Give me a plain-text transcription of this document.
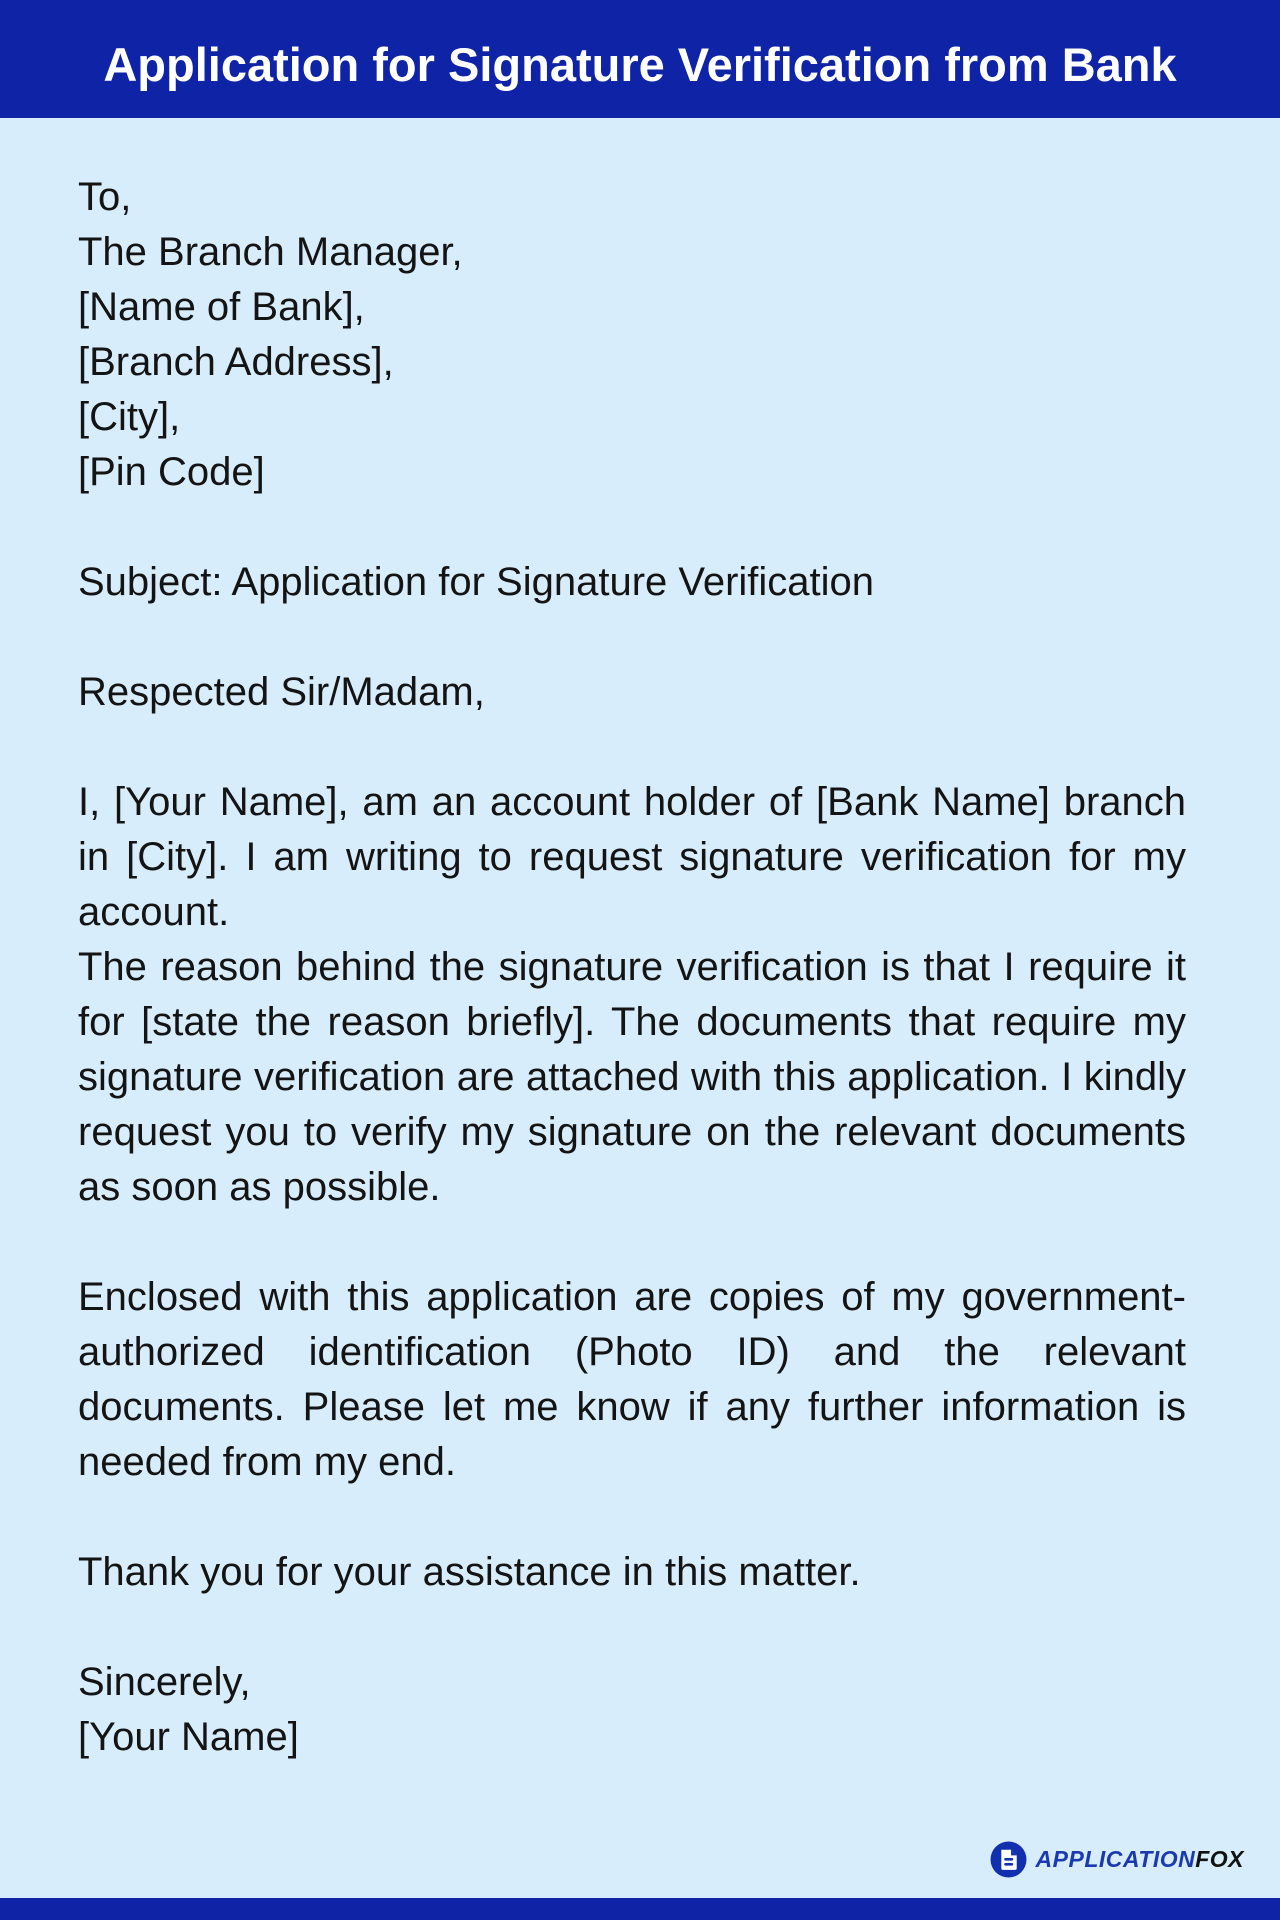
Application for Signature Verification from Bank
To,
The Branch Manager,
[Name of Bank],
[Branch Address],
[City],
[Pin Code]
Subject: Application for Signature Verification
Respected Sir/Madam,

I, [Your Name], am an account holder of [Bank Name] branch in [City]. I am writing to request signature verification for my account.

The reason behind the signature verification is that I require it for [state the reason briefly]. The documents that require my signature verification are attached with this application. I kindly request you to verify my signature on the relevant documents as soon as possible.

Enclosed with this application are copies of my government-authorized identification (Photo ID) and the relevant documents. Please let me know if any further information is needed from my end.

Thank you for your assistance in this matter.
Sincerely,
[Your Name]
APPLICATIONFOX
